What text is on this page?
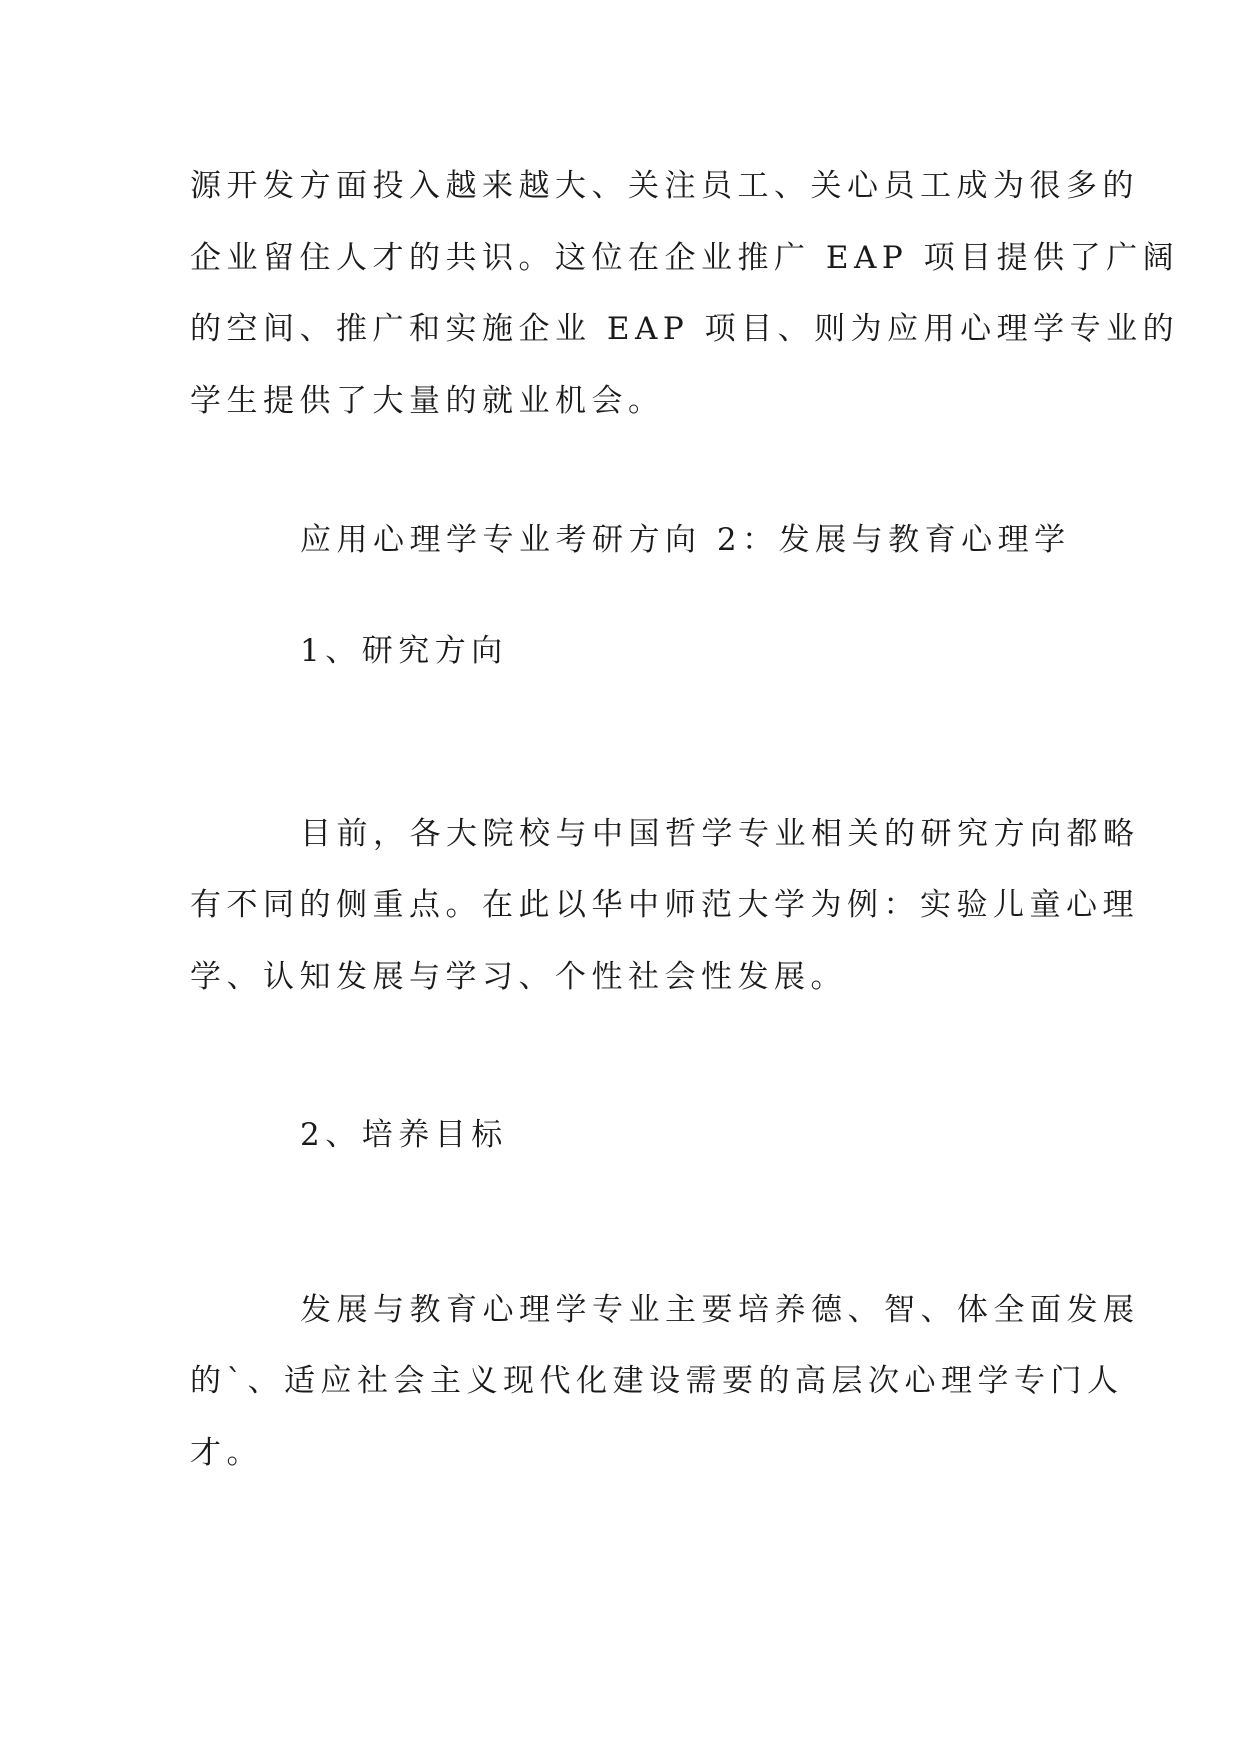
源开发方面投入越来越大、关注员工、关心员工成为很多的

企业留住人才的共识。这位在企业推广 EAP 项目提供了广阔

的空间、推广和实施企业 EAP 项目、则为应用心理学专业的

学生提供了大量的就业机会。

应用心理学专业考研方向 2：发展与教育心理学

1、研究方向

目前，各大院校与中国哲学专业相关的研究方向都略

有不同的侧重点。在此以华中师范大学为例：实验儿童心理

学、认知发展与学习、个性社会性发展。

2、培养目标

发展与教育心理学专业主要培养德、智、体全面发展

的`、适应社会主义现代化建设需要的高层次心理学专门人

才。
